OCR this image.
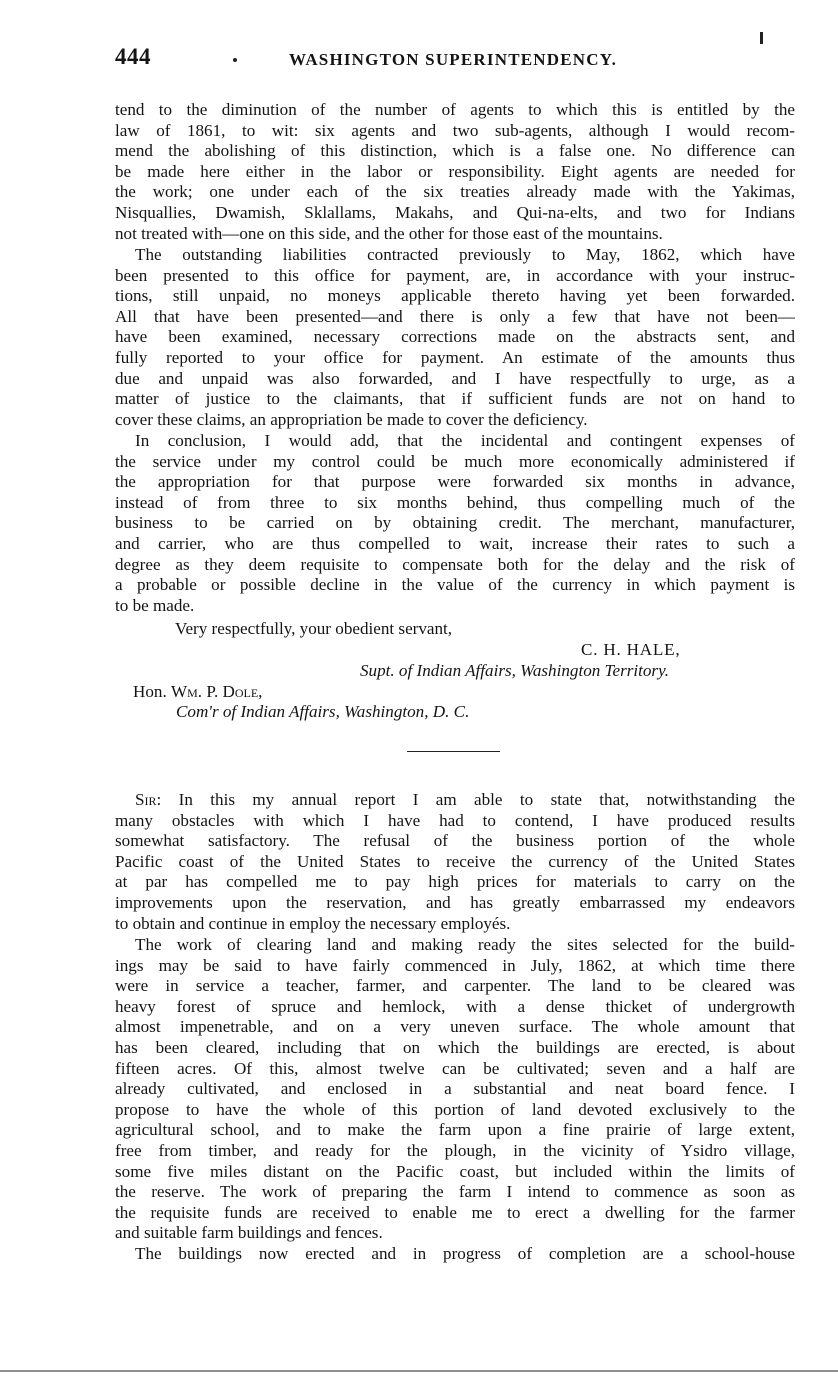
444	WASHINGTON SUPERINTENDENCY.
tend to the diminution of the number of agents to which this is entitled by the
law of 1861, to wit: six agents and two sub-agents, although I would recom-
mend the abolishing of this distinction, which is a false one. No difference can
be made here either in the labor or responsibility. Eight agents are needed for
the work; one under each of the six treaties already made with the Yakimas,
Nisquallies, Dwamish, Sklallams, Makahs, and Qui-na-elts, and two for Indians
not treated with—one on this side, and the other for those east of the mountains.
The outstanding liabilities contracted previously to May, 1862, which have
been presented to this office for payment, are, in accordance with your instruc-
tions, still unpaid, no moneys applicable thereto having yet been forwarded.
All that have been presented—and there is only a few that have not been—
have been examined, necessary corrections made on the abstracts sent, and
fully reported to your office for payment. An estimate of the amounts thus
due and unpaid was also forwarded, and I have respectfully to urge, as a
matter of justice to the claimants, that if sufficient funds are not on hand to
cover these claims, an appropriation be made to cover the deficiency.
In conclusion, I would add, that the incidental and contingent expenses of
the service under my control could be much more economically administered if
the appropriation for that purpose were forwarded six months in advance,
instead of from three to six months behind, thus compelling much of the
business to be carried on by obtaining credit. The merchant, manufacturer,
and carrier, who are thus compelled to wait, increase their rates to such a
degree as they deem requisite to compensate both for the delay and the risk of
a probable or possible decline in the value of the currency in which payment is
to be made.
Very respectfully, your obedient servant,
C. H. HALE,
Supt. of Indian Affairs, Washington Territory.
Hon. Wm. P. Dole,
Com'r of Indian Affairs, Washington, D. C.
Sir: In this my annual report I am able to state that, notwithstanding the
many obstacles with which I have had to contend, I have produced results
somewhat satisfactory. The refusal of the business portion of the whole
Pacific coast of the United States to receive the currency of the United States
at par has compelled me to pay high prices for materials to carry on the
improvements upon the reservation, and has greatly embarrassed my endeavors
to obtain and continue in employ the necessary employés.
The work of clearing land and making ready the sites selected for the build-
ings may be said to have fairly commenced in July, 1862, at which time there
were in service a teacher, farmer, and carpenter. The land to be cleared was
heavy forest of spruce and hemlock, with a dense thicket of undergrowth
almost impenetrable, and on a very uneven surface. The whole amount that
has been cleared, including that on which the buildings are erected, is about
fifteen acres. Of this, almost twelve can be cultivated; seven and a half are
already cultivated, and enclosed in a substantial and neat board fence. I
propose to have the whole of this portion of land devoted exclusively to the
agricultural school, and to make the farm upon a fine prairie of large extent,
free from timber, and ready for the plough, in the vicinity of Ysidro village,
some five miles distant on the Pacific coast, but included within the limits of
the reserve. The work of preparing the farm I intend to commence as soon as
the requisite funds are received to enable me to erect a dwelling for the farmer
and suitable farm buildings and fences.
The buildings now erected and in progress of completion are a school-house
